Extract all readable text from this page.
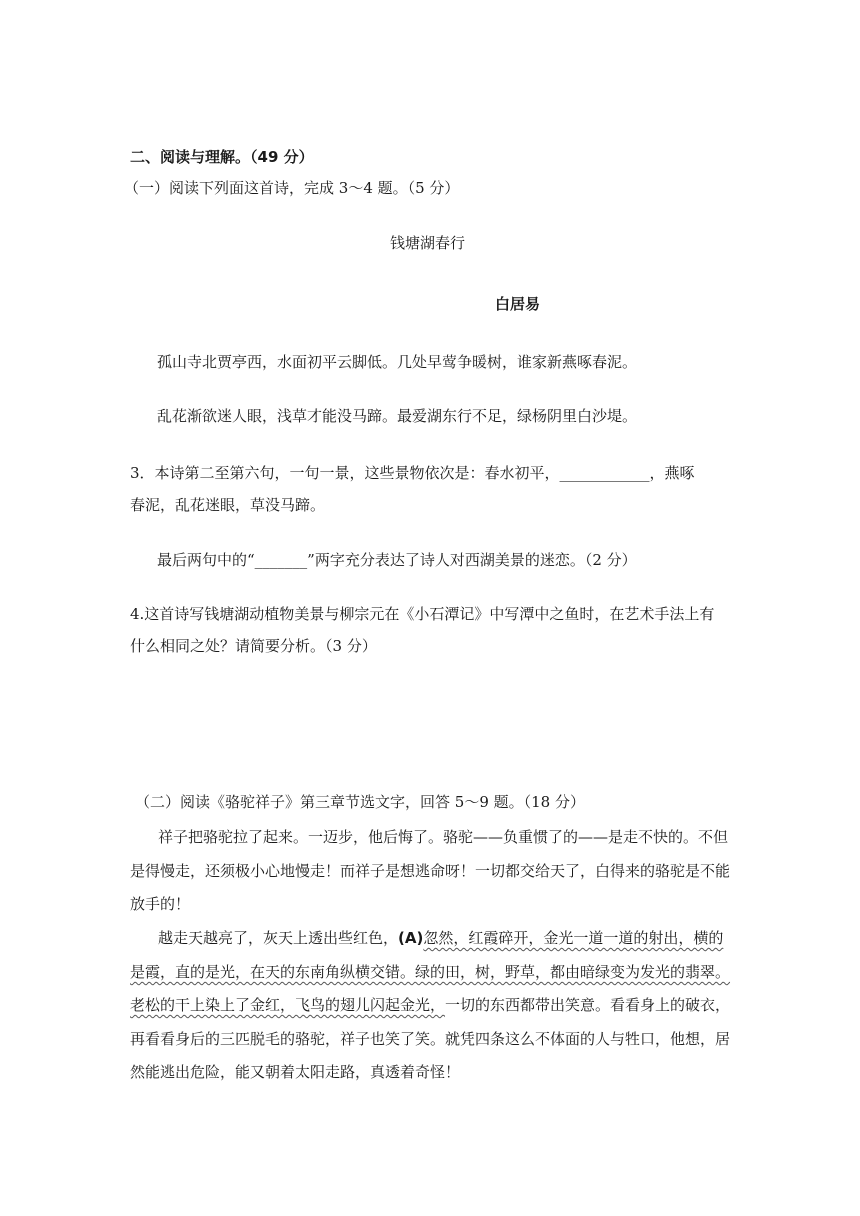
二、阅读与理解。（49 分）
（一）阅读下列面这首诗，完成 3～4 题。（5 分）
钱塘湖春行
白居易
孤山寺北贾亭西，水面初平云脚低。几处早莺争暖树，谁家新燕啄春泥。
乱花渐欲迷人眼，浅草才能没马蹄。最爱湖东行不足，绿杨阴里白沙堤。
3．本诗第二至第六句，一句一景，这些景物依次是：春水初平，____________，燕啄
春泥，乱花迷眼，草没马蹄。
最后两句中的“_______”两字充分表达了诗人对西湖美景的迷恋。（2 分）
4.这首诗写钱塘湖动植物美景与柳宗元在《小石潭记》中写潭中之鱼时，在艺术手法上有
什么相同之处？请简要分析。（3 分）
（二）阅读《骆驼祥子》第三章节选文字，回答 5～9 题。（18 分）
祥子把骆驼拉了起来。一迈步，他后悔了。骆驼——负重惯了的——是走不快的。不但
是得慢走，还须极小心地慢走！而祥子是想逃命呀！一切都交给天了，白得来的骆驼是不能
放手的！
越走天越亮了，灰天上透出些红色，(A)忽然，红霞碎开，金光一道一道的射出，横的
是霞，直的是光，在天的东南角纵横交错。绿的田，树，野草，都由暗绿变为发光的翡翠。
老松的干上染上了金红，飞鸟的翅儿闪起金光，一切的东西都带出笑意。看看身上的破衣，
再看看身后的三匹脱毛的骆驼，祥子也笑了笑。就凭四条这么不体面的人与牲口，他想，居
然能逃出危险，能又朝着太阳走路，真透着奇怪！
